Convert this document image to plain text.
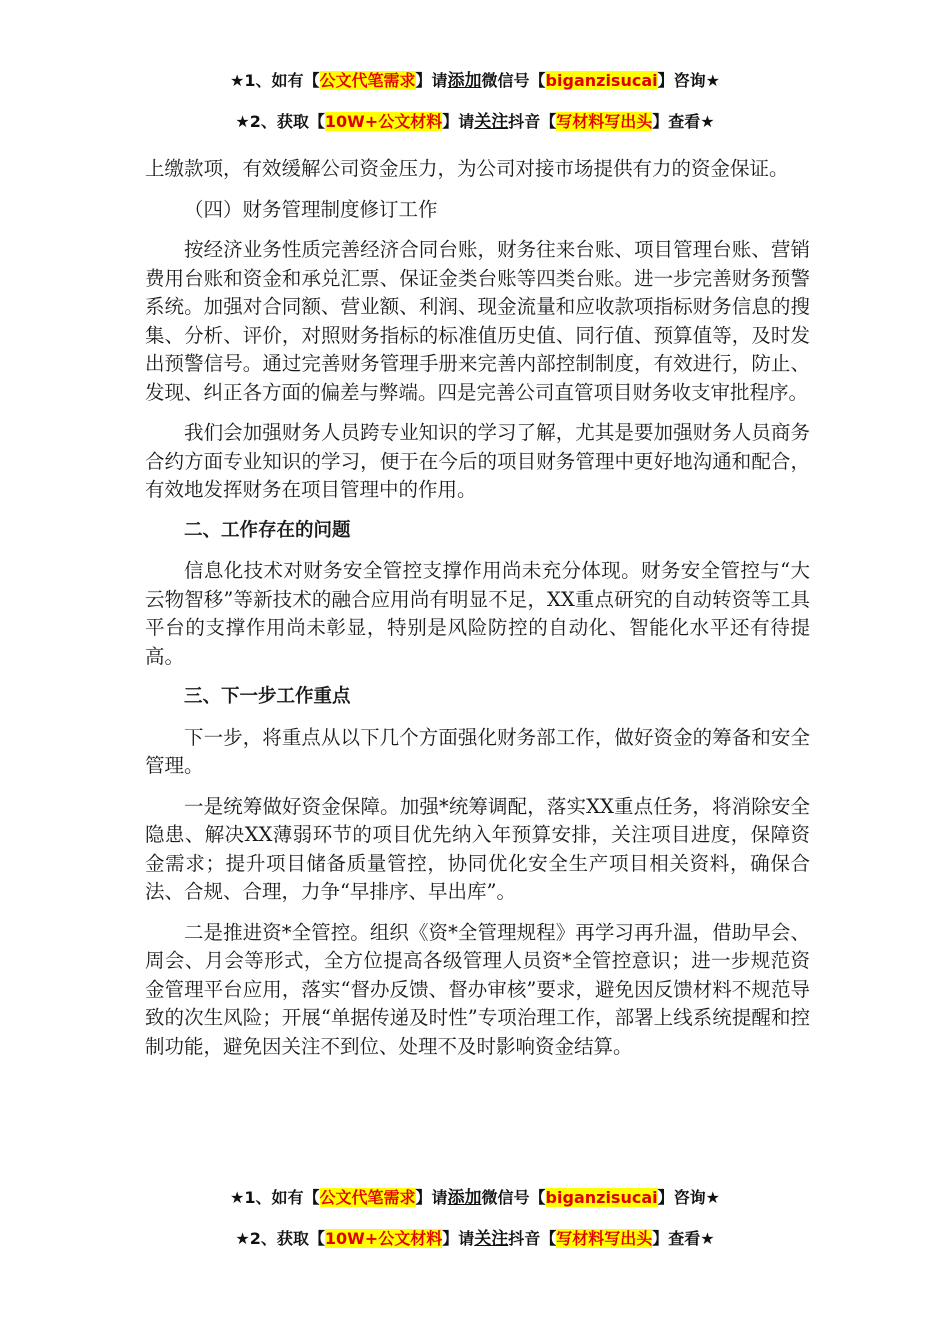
★1、如有【公文代笔需求】请添加微信号【biganzisucai】咨询★
★2、获取【10W+公文材料】请关注抖音【写材料写出头】查看★

上缴款项，有效缓解公司资金压力，为公司对接市场提供有力的资金保证。

（四）财务管理制度修订工作

按经济业务性质完善经济合同台账，财务往来台账、项目管理台账、营销费用台账和资金和承兑汇票、保证金类台账等四类台账。进一步完善财务预警系统。加强对合同额、营业额、利润、现金流量和应收款项指标财务信息的搜集、分析、评价，对照财务指标的标准值历史值、同行值、预算值等，及时发出预警信号。通过完善财务管理手册来完善内部控制制度，有效进行，防止、发现、纠正各方面的偏差与弊端。四是完善公司直管项目财务收支审批程序。

我们会加强财务人员跨专业知识的学习了解，尤其是要加强财务人员商务合约方面专业知识的学习，便于在今后的项目财务管理中更好地沟通和配合，有效地发挥财务在项目管理中的作用。

二、工作存在的问题

信息化技术对财务安全管控支撑作用尚未充分体现。财务安全管控与“大云物智移”等新技术的融合应用尚有明显不足，XX重点研究的自动转资等工具平台的支撑作用尚未彰显，特别是风险防控的自动化、智能化水平还有待提高。

三、下一步工作重点

下一步，将重点从以下几个方面强化财务部工作，做好资金的筹备和安全管理。

一是统筹做好资金保障。加强*统筹调配，落实XX重点任务，将消除安全隐患、解决XX薄弱环节的项目优先纳入年预算安排，关注项目进度，保障资金需求；提升项目储备质量管控，协同优化安全生产项目相关资料，确保合法、合规、合理，力争“早排序、早出库”。

二是推进资*全管控。组织《资*全管理规程》再学习再升温，借助早会、周会、月会等形式，全方位提高各级管理人员资*全管控意识；进一步规范资金管理平台应用，落实“督办反馈、督办审核”要求，避免因反馈材料不规范导致的次生风险；开展“单据传递及时性”专项治理工作，部署上线系统提醒和控制功能，避免因关注不到位、处理不及时影响资金结算。

★1、如有【公文代笔需求】请添加微信号【biganzisucai】咨询★
★2、获取【10W+公文材料】请关注抖音【写材料写出头】查看★
